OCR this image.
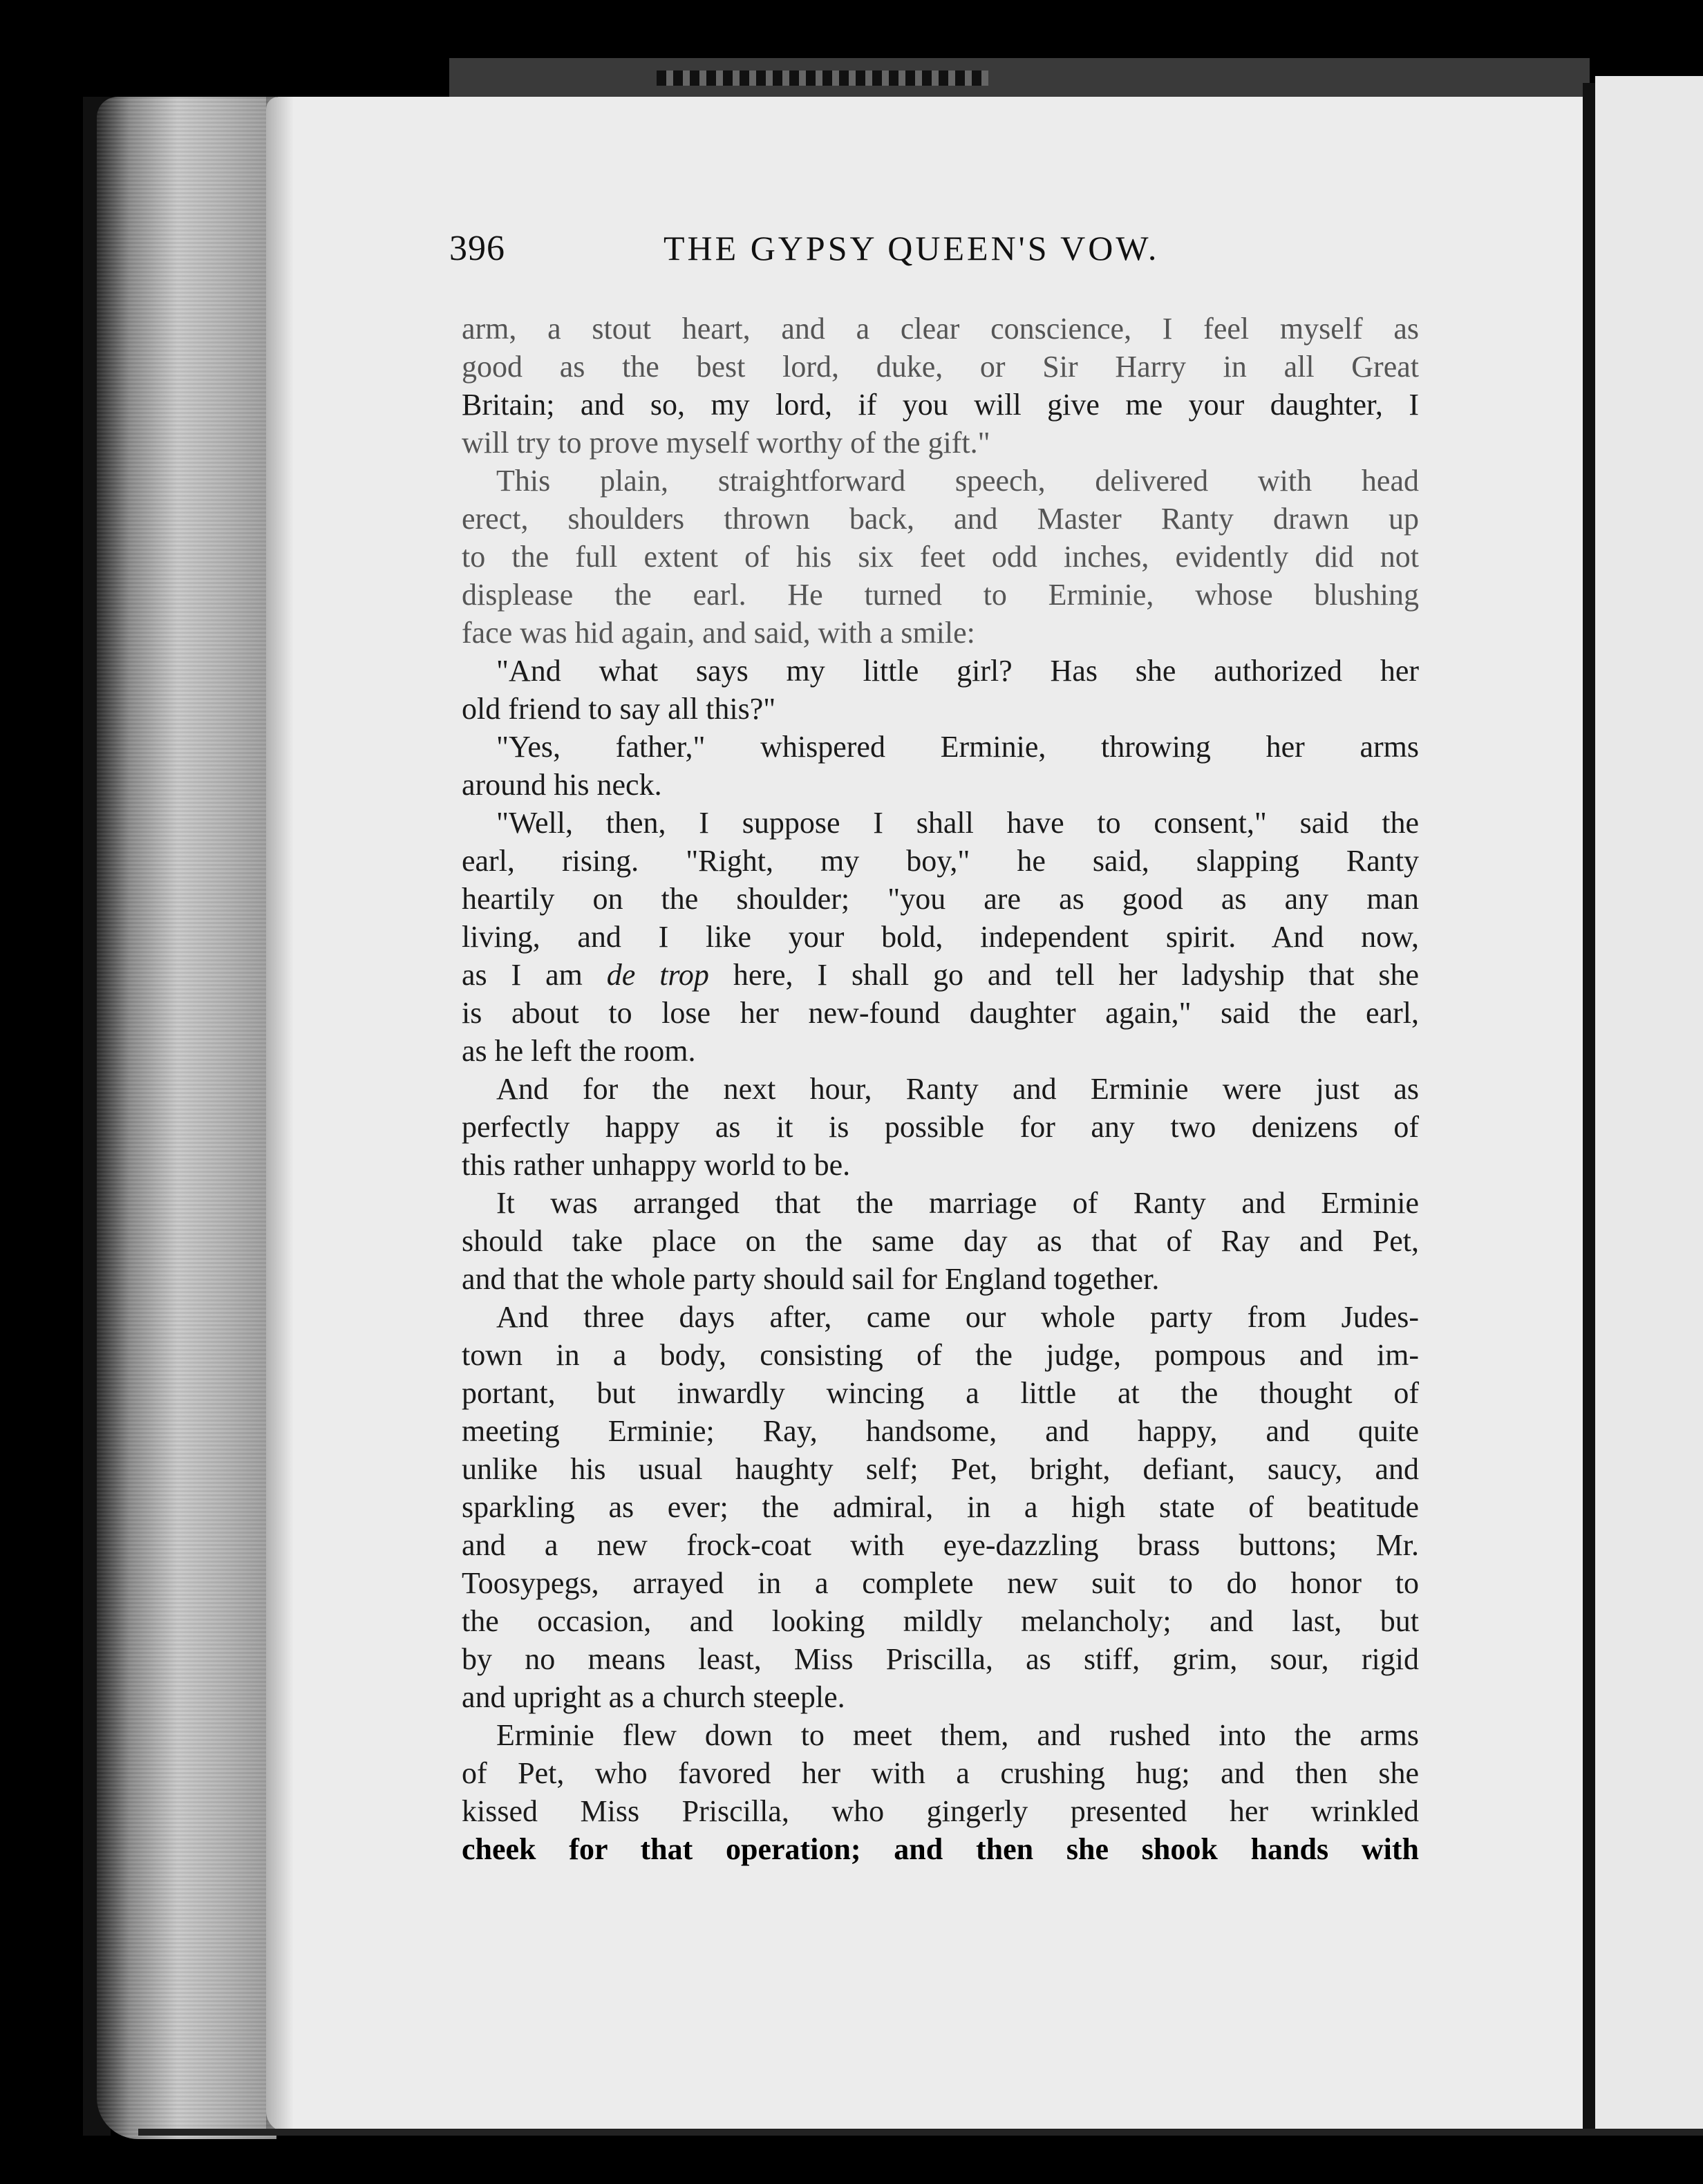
396	THE GYPSY QUEEN'S VOW.
arm, a stout heart, and a clear conscience, I feel myself as
good as the best lord, duke, or Sir Harry in all Great
Britain; and so, my lord, if you will give me your daughter, I
will try to prove myself worthy of the gift."
This plain, straightforward speech, delivered with head
erect, shoulders thrown back, and Master Ranty drawn up
to the full extent of his six feet odd inches, evidently did not
displease the earl. He turned to Erminie, whose blushing
face was hid again, and said, with a smile:
"And what says my little girl? Has she authorized her
old friend to say all this?"
"Yes, father," whispered Erminie, throwing her arms
around his neck.
"Well, then, I suppose I shall have to consent," said the
earl, rising. "Right, my boy," he said, slapping Ranty
heartily on the shoulder; "you are as good as any man
living, and I like your bold, independent spirit. And now,
as I am de trop here, I shall go and tell her ladyship that she
is about to lose her new-found daughter again," said the earl,
as he left the room.
And for the next hour, Ranty and Erminie were just as
perfectly happy as it is possible for any two denizens of
this rather unhappy world to be.
It was arranged that the marriage of Ranty and Erminie
should take place on the same day as that of Ray and Pet,
and that the whole party should sail for England together.
And three days after, came our whole party from Judes-
town in a body, consisting of the judge, pompous and im-
portant, but inwardly wincing a little at the thought of
meeting Erminie; Ray, handsome, and happy, and quite
unlike his usual haughty self; Pet, bright, defiant, saucy, and
sparkling as ever; the admiral, in a high state of beatitude
and a new frock-coat with eye-dazzling brass buttons; Mr.
Toosypegs, arrayed in a complete new suit to do honor to
the occasion, and looking mildly melancholy; and last, but
by no means least, Miss Priscilla, as stiff, grim, sour, rigid
and upright as a church steeple.
Erminie flew down to meet them, and rushed into the arms
of Pet, who favored her with a crushing hug; and then she
kissed Miss Priscilla, who gingerly presented her wrinkled
cheek for that operation; and then she shook hands with
